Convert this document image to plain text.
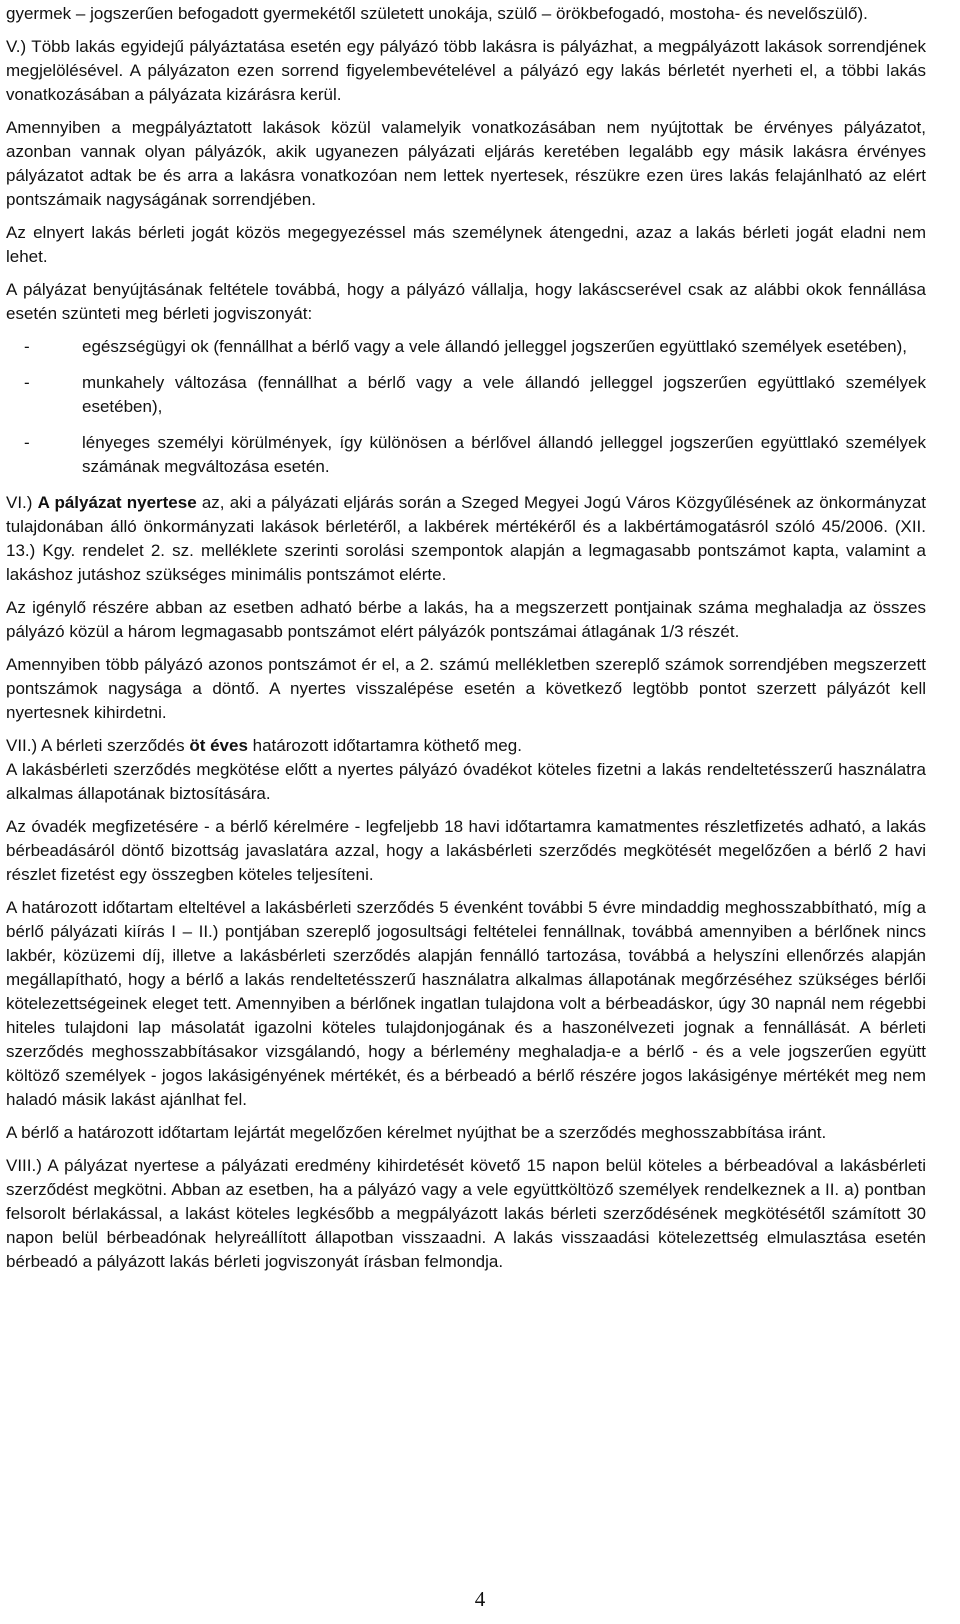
gyermek – jogszerűen befogadott gyermekétől született unokája, szülő – örökbefogadó, mostoha- és nevelőszülő).

V.) Több lakás egyidejű pályáztatása esetén egy pályázó több lakásra is pályázhat, a megpályázott lakások sorrendjének megjelölésével. A pályázaton ezen sorrend figyelembevételével a pályázó egy lakás bérletét nyerheti el, a többi lakás vonatkozásában a pályázata kizárásra kerül.

Amennyiben a megpályáztatott lakások közül valamelyik vonatkozásában nem nyújtottak be érvényes pályázatot, azonban vannak olyan pályázók, akik ugyanezen pályázati eljárás keretében legalább egy másik lakásra érvényes pályázatot adtak be és arra a lakásra vonatkozóan nem lettek nyertesek, részükre ezen üres lakás felajánlható az elért pontszámaik nagyságának sorrendjében.

Az elnyert lakás bérleti jogát közös megegyezéssel más személynek átengedni, azaz a lakás bérleti jogát eladni nem lehet.

A pályázat benyújtásának feltétele továbbá, hogy a pályázó vállalja, hogy lakáscserével csak az alábbi okok fennállása esetén szünteti meg bérleti jogviszonyát:

- egészségügyi ok (fennállhat a bérlő vagy a vele állandó jelleggel jogszerűen együttlakó személyek esetében),
- munkahely változása (fennállhat a bérlő vagy a vele állandó jelleggel jogszerűen együttlakó személyek esetében),
- lényeges személyi körülmények, így különösen a bérlővel állandó jelleggel jogszerűen együttlakó személyek számának megváltozása esetén.

VI.) A pályázat nyertese az, aki a pályázati eljárás során a Szeged Megyei Jogú Város Közgyűlésének az önkormányzat tulajdonában álló önkormányzati lakások bérletéről, a lakbérek mértékéről és a lakbértámogatásról szóló 45/2006. (XII. 13.) Kgy. rendelet 2. sz. melléklete szerinti sorolási szempontok alapján a legmagasabb pontszámot kapta, valamint a lakáshoz jutáshoz szükséges minimális pontszámot elérte.

Az igénylő részére abban az esetben adható bérbe a lakás, ha a megszerzett pontjainak száma meghaladja az összes pályázó közül a három legmagasabb pontszámot elért pályázók pontszámai átlagának 1/3 részét.

Amennyiben több pályázó azonos pontszámot ér el, a 2. számú mellékletben szereplő számok sorrendjében megszerzett pontszámok nagysága a döntő. A nyertes visszalépése esetén a következő legtöbb pontot szerzett pályázót kell nyertesnek kihirdetni.

VII.) A bérleti szerződés öt éves határozott időtartamra köthető meg.

A lakásbérleti szerződés megkötése előtt a nyertes pályázó óvadékot köteles fizetni a lakás rendeltetésszerű használatra alkalmas állapotának biztosítására.

Az óvadék megfizetésére - a bérlő kérelmére - legfeljebb 18 havi időtartamra kamatmentes részletfizetés adható, a lakás bérbeadásáról döntő bizottság javaslatára azzal, hogy a lakásbérleti szerződés megkötését megelőzően a bérlő 2 havi részlet fizetést egy összegben köteles teljesíteni.

A határozott időtartam elteltével a lakásbérleti szerződés 5 évenként további 5 évre mindaddig meghosszabbítható, míg a bérlő pályázati kiírás I – II.) pontjában szereplő jogosultsági feltételei fennállnak, továbbá amennyiben a bérlőnek nincs lakbér, közüzemi díj, illetve a lakásbérleti szerződés alapján fennálló tartozása, továbbá a helyszíni ellenőrzés alapján megállapítható, hogy a bérlő a lakás rendeltetésszerű használatra alkalmas állapotának megőrzéséhez szükséges bérlői kötelezettségeinek eleget tett. Amennyiben a bérlőnek ingatlan tulajdona volt a bérbeadáskor, úgy 30 napnál nem régebbi hiteles tulajdoni lap másolatát igazolni köteles tulajdonjogának és a haszonélvezeti jognak a fennállását. A bérleti szerződés meghosszabbításakor vizsgálandó, hogy a bérlemény meghaladja-e a bérlő - és a vele jogszerűen együtt költöző személyek - jogos lakásigényének mértékét, és a bérbeadó a bérlő részére jogos lakásigénye mértékét meg nem haladó másik lakást ajánlhat fel.

A bérlő a határozott időtartam lejártát megelőzően kérelmet nyújthat be a szerződés meghosszabbítása iránt.

VIII.) A pályázat nyertese a pályázati eredmény kihirdetését követő 15 napon belül köteles a bérbeadóval a lakásbérleti szerződést megkötni. Abban az esetben, ha a pályázó vagy a vele együttköltöző személyek rendelkeznek a II. a) pontban felsorolt bérlakással, a lakást köteles legkésőbb a megpályázott lakás bérleti szerződésének megkötésétől számított 30 napon belül bérbeadónak helyreállított állapotban visszaadni. A lakás visszaadási kötelezettség elmulasztása esetén bérbeadó a pályázott lakás bérleti jogviszonyát írásban felmondja.

4
